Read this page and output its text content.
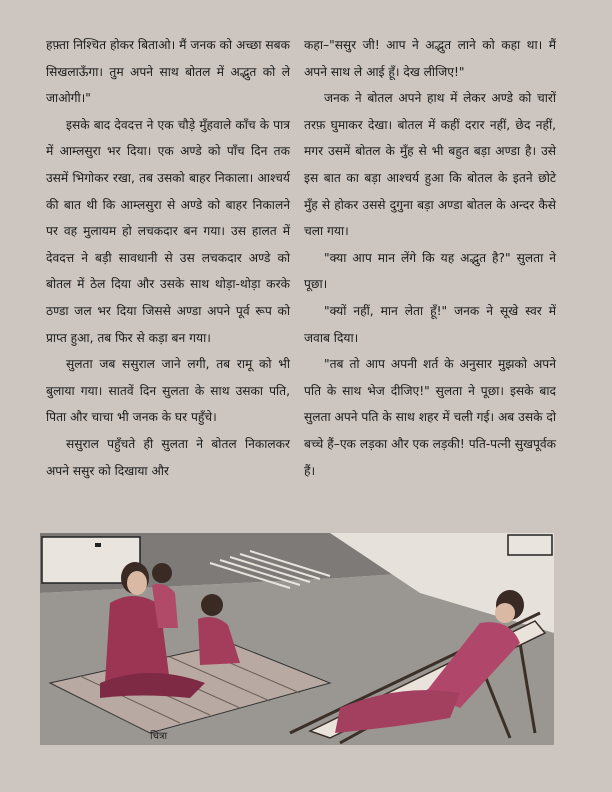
हफ़्ता निश्चित होकर बिताओ। मैं जनक को अच्छा सबक सिखलाऊँगा। तुम अपने साथ बोतल में अद्भुत को ले जाओगी।"

इसके बाद देवदत्त ने एक चौड़े मुँहवाले काँच के पात्र में आम्लसुरा भर दिया। एक अण्डे को पाँच दिन तक उसमें भिगोकर रखा, तब उसको बाहर निकाला। आश्चर्य की बात थी कि आम्लसुरा से अण्डे को बाहर निकालने पर वह मुलायम हो लचकदार बन गया। उस हालत में देवदत्त ने बड़ी सावधानी से उस लचकदार अण्डे को बोतल में ठेल दिया और उसके साथ थोड़ा-थोड़ा करके ठण्डा जल भर दिया जिससे अण्डा अपने पूर्व रूप को प्राप्त हुआ, तब फिर से कड़ा बन गया।

सुलता जब ससुराल जाने लगी, तब रामू को भी बुलाया गया। सातवें दिन सुलता के साथ उसका पति, पिता और चाचा भी जनक के घर पहुँचे।

ससुराल पहुँचते ही सुलता ने बोतल निकालकर अपने ससुर को दिखाया और

कहा–"ससुर जी! आप ने अद्भुत लाने को कहा था। मैं अपने साथ ले आई हूँ। देख लीजिए!"

जनक ने बोतल अपने हाथ में लेकर अण्डे को चारों तरफ़ घुमाकर देखा। बोतल में कहीं दरार नहीं, छेद नहीं, मगर उसमें बोतल के मुँह से भी बहुत बड़ा अण्डा है। उसे इस बात का बड़ा आश्चर्य हुआ कि बोतल के इतने छोटे मुँह से होकर उससे दुगुना बड़ा अण्डा बोतल के अन्दर कैसे चला गया।

"क्या आप मान लेंगे कि यह अद्भुत है?" सुलता ने पूछा।

"क्यों नहीं, मान लेता हूँ!" जनक ने सूखे स्वर में जवाब दिया।

"तब तो आप अपनी शर्त के अनुसार मुझको अपने पति के साथ भेज दीजिए!" सुलता ने पूछा। इसके बाद सुलता अपने पति के साथ शहर में चली गई। अब उसके दो बच्चे हैं–एक लड़का और एक लड़की! पति-पत्नी सुखपूर्वक हैं।

चित्रा
